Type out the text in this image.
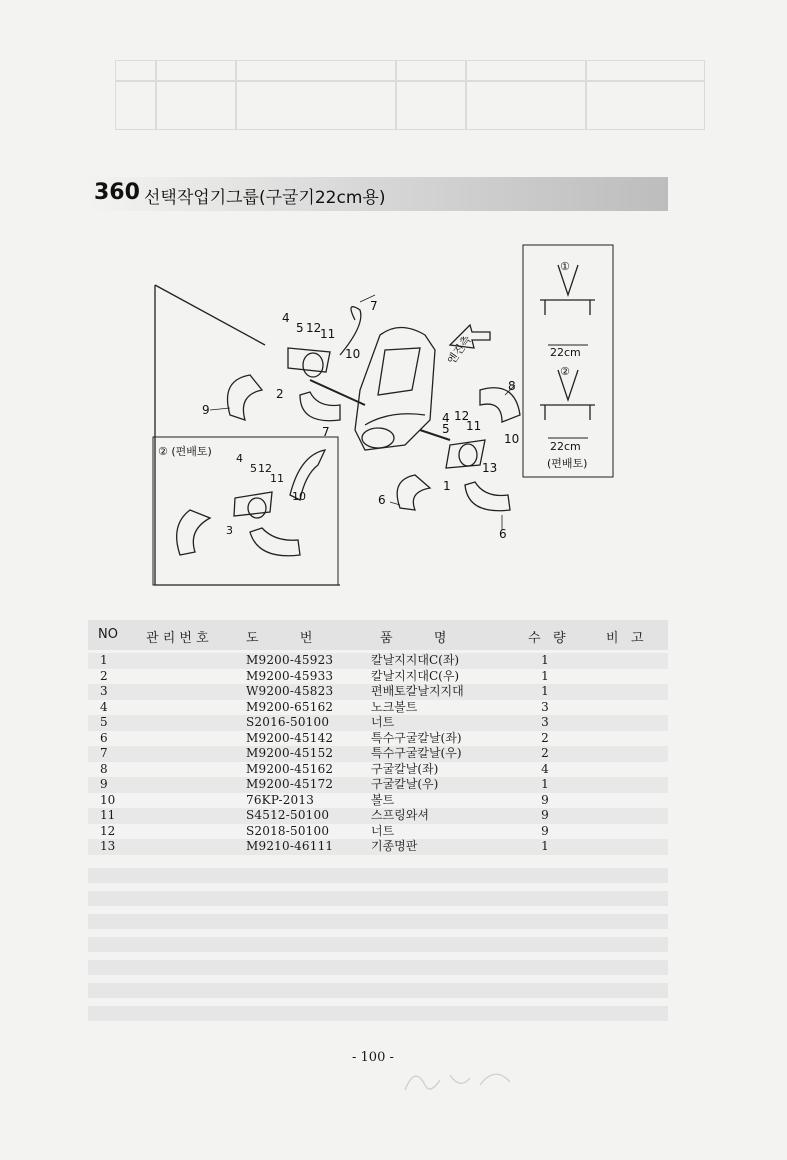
360 선택작업기그룹(구굴기22cm용)
4
5 12
11
7
10
2
9
7
8
4 12
5 11
10
13
1
6
6
② (편배토)
4
5 12
11
10
3
엔진측
①
22cm
②
22cm
(편배토)
NO 관 리 번 호	도          번	품          명	수   량	비   고
1	M9200-45923	칼날지지대C(좌)	1
2	M9200-45933	칼날지지대C(우)	1
3	W9200-45823	편배토칼날지지대	1
4	M9200-65162	노크볼트	3
5	S2016-50100	너트	3
6	M9200-45142	특수구굴칼날(좌)	2
7	M9200-45152	특수구굴칼날(우)	2
8	M9200-45162	구굴칼날(좌)	4
9	M9200-45172	구굴칼날(우)	1
10	76KP-2013	볼트	9
11	S4512-50100	스프링와셔	9
12	S2018-50100	너트	9
13	M9210-46111	기종명판	1
- 100 -
